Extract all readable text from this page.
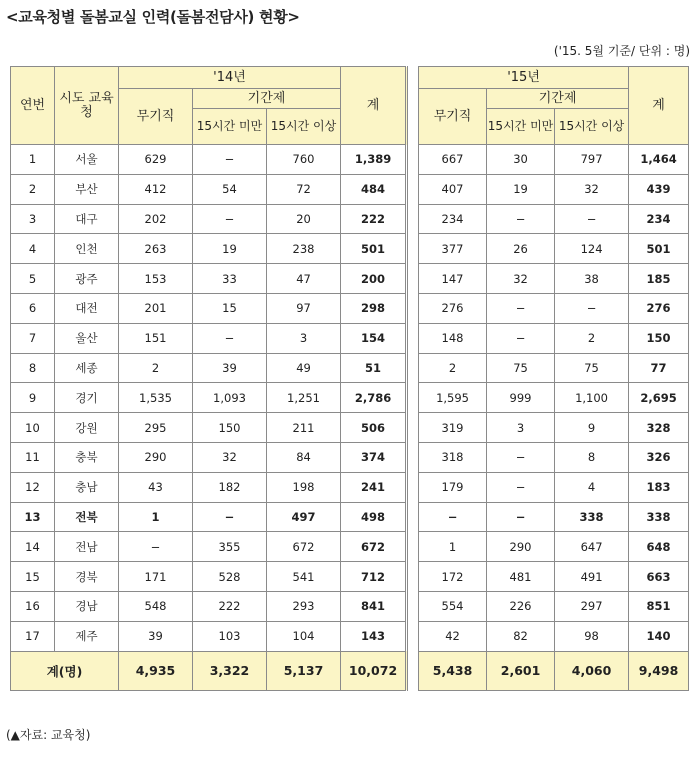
<교육청별 돌봄교실 인력(돌봄전담사) 현황>
('15. 5월 기준/ 단위 : 명)
연번	시도 교육청	'14년			계		'15년			계
		무기직	기간제				무기직	기간제		
			15시간 미만	15시간 이상				15시간 미만	15시간 이상	
1	서울	629	−	760	1,389		667	30	797	1,464
2	부산	412	54	72	484		407	19	32	439
3	대구	202	−	20	222		234	−	−	234
4	인천	263	19	238	501		377	26	124	501
5	광주	153	33	47	200		147	32	38	185
6	대전	201	15	97	298		276	−	−	276
7	울산	151	−	3	154		148	−	2	150
8	세종	2	39	49	51		2	75	75	77
9	경기	1,535	1,093	1,251	2,786		1,595	999	1,100	2,695
10	강원	295	150	211	506		319	3	9	328
11	충북	290	32	84	374		318	−	8	326
12	충남	43	182	198	241		179	−	4	183
13	전북	1	−	497	498		−	−	338	338
14	전남	−	355	672	672		1	290	647	648
15	경북	171	528	541	712		172	481	491	663
16	경남	548	222	293	841		554	226	297	851
17	제주	39	103	104	143		42	82	98	140
계(명)		4,935	3,322	5,137	10,072		5,438	2,601	4,060	9,498
(▲자료: 교육청)
